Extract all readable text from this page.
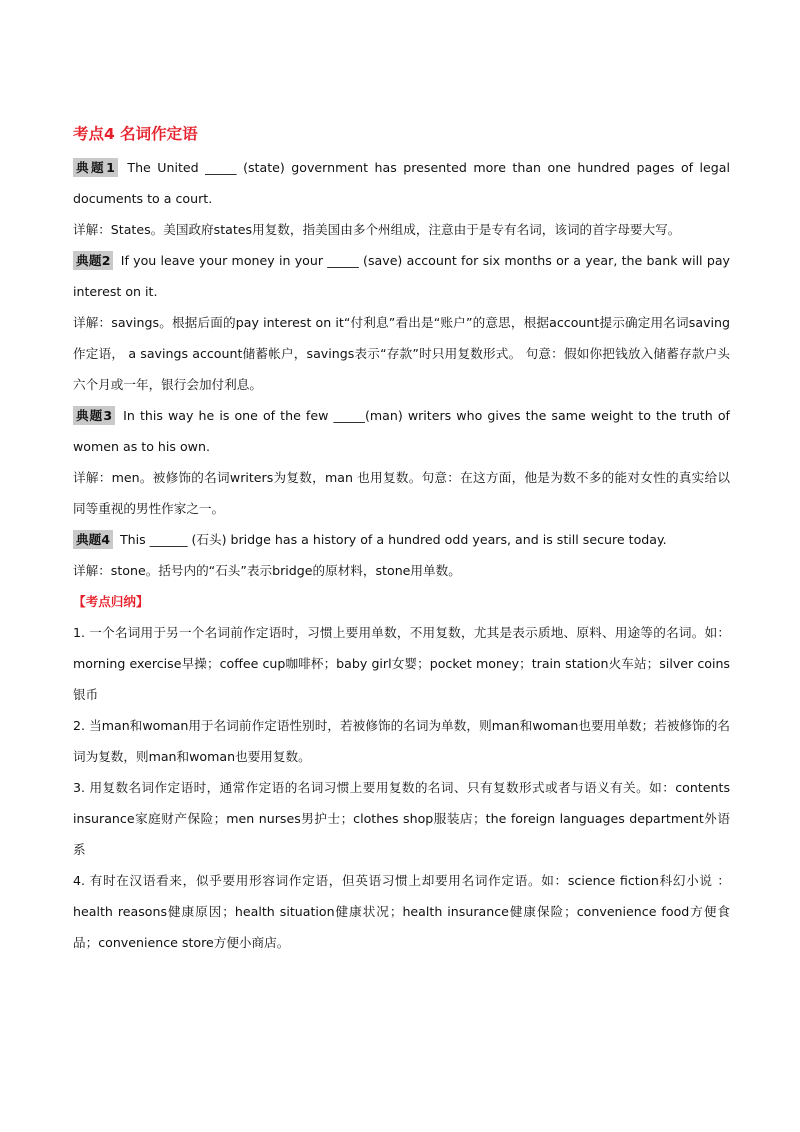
考点4 名词作定语

典题1 The United _____ (state) government has presented more than one hundred pages of legal documents to a court.

详解：States。美国政府states用复数，指美国由多个州组成，注意由于是专有名词，该词的首字母要大写。

典题2 If you leave your money in your _____ (save) account for six months or a year, the bank will pay interest on it.

详解：savings。根据后面的pay interest on it“付利息”看出是“账户”的意思，根据account提示确定用名词saving作定语， a savings account储蓄帐户，savings表示“存款”时只用复数形式。 句意：假如你把钱放入储蓄存款户头六个月或一年，银行会加付利息。

典题3 In this way he is one of the few _____(man) writers who gives the same weight to the truth of women as to his own.

详解：men。被修饰的名词writers为复数，man 也用复数。句意：在这方面，他是为数不多的能对女性的真实给以同等重视的男性作家之一。

典题4 This ______ (石头) bridge has a history of a hundred odd years, and is still secure today.

详解：stone。括号内的“石头”表示bridge的原材料，stone用单数。

【考点归纳】

1. 一个名词用于另一个名词前作定语时，习惯上要用单数，不用复数，尤其是表示质地、原料、用途等的名词。如：morning exercise早操；coffee cup咖啡杯；baby girl女婴；pocket money；train station火车站；silver coins银币

2. 当man和woman用于名词前作定语性别时，若被修饰的名词为单数，则man和woman也要用单数；若被修饰的名词为复数，则man和woman也要用复数。

3. 用复数名词作定语时，通常作定语的名词习惯上要用复数的名词、只有复数形式或者与语义有关。如：contents insurance家庭财产保险；men nurses男护士；clothes shop服装店；the foreign languages department外语系

4. 有时在汉语看来，似乎要用形容词作定语，但英语习惯上却要用名词作定语。如：science fiction科幻小说 ：health reasons健康原因；health situation健康状况；health insurance健康保险；convenience food方便食品；convenience store方便小商店。
